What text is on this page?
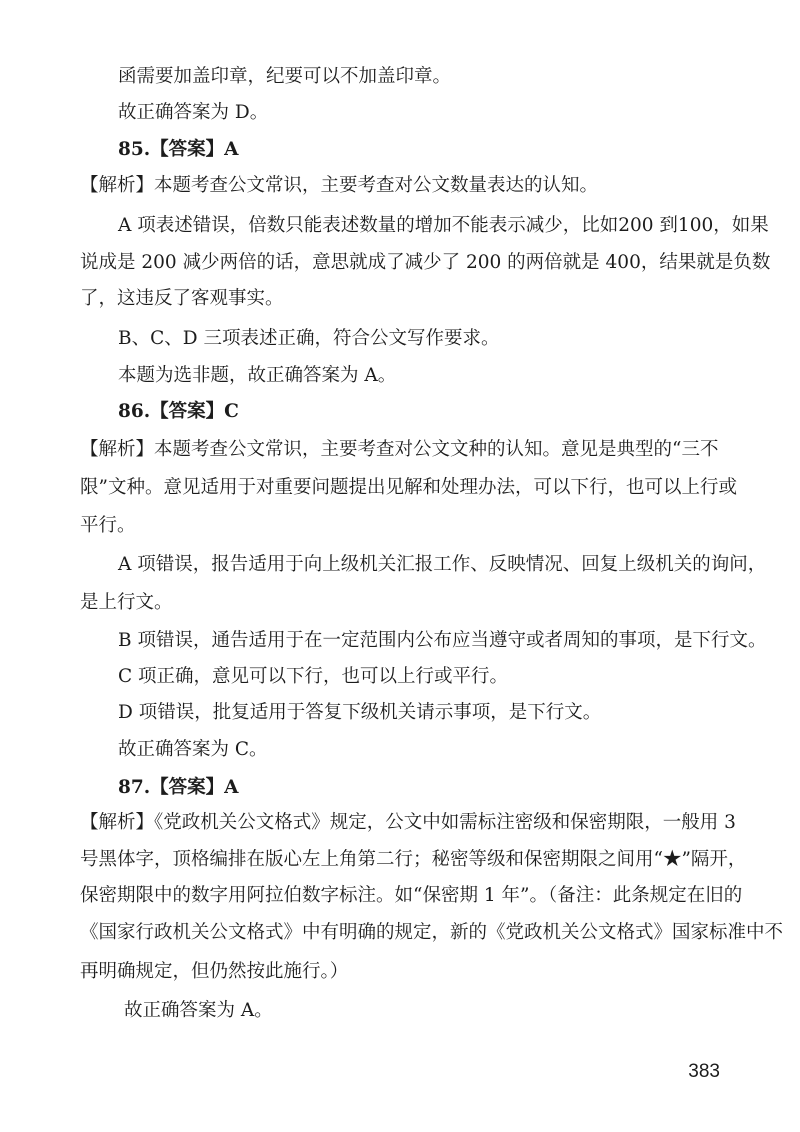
函需要加盖印章，纪要可以不加盖印章。
故正确答案为 D。
85.【答案】A
【解析】本题考查公文常识，主要考查对公文数量表达的认知。
A 项表述错误，倍数只能表述数量的增加不能表示减少，比如200 到100，如果
说成是 200 减少两倍的话，意思就成了减少了 200 的两倍就是 400，结果就是负数
了，这违反了客观事实。
B、C、D 三项表述正确，符合公文写作要求。
本题为选非题，故正确答案为 A。
86.【答案】C
【解析】本题考查公文常识，主要考查对公文文种的认知。意见是典型的“三不
限”文种。意见适用于对重要问题提出见解和处理办法，可以下行，也可以上行或
平行。
A 项错误，报告适用于向上级机关汇报工作、反映情况、回复上级机关的询问，
是上行文。
B 项错误，通告适用于在一定范围内公布应当遵守或者周知的事项，是下行文。
C 项正确，意见可以下行，也可以上行或平行。
D 项错误，批复适用于答复下级机关请示事项，是下行文。
故正确答案为 C。
87.【答案】A
【解析】《党政机关公文格式》规定，公文中如需标注密级和保密期限，一般用 3
号黑体字，顶格编排在版心左上角第二行；秘密等级和保密期限之间用“★”隔开，
保密期限中的数字用阿拉伯数字标注。如“保密期 1 年”。（备注：此条规定在旧的
《国家行政机关公文格式》中有明确的规定，新的《党政机关公文格式》国家标准中不
再明确规定，但仍然按此施行。）
故正确答案为 A。
383
